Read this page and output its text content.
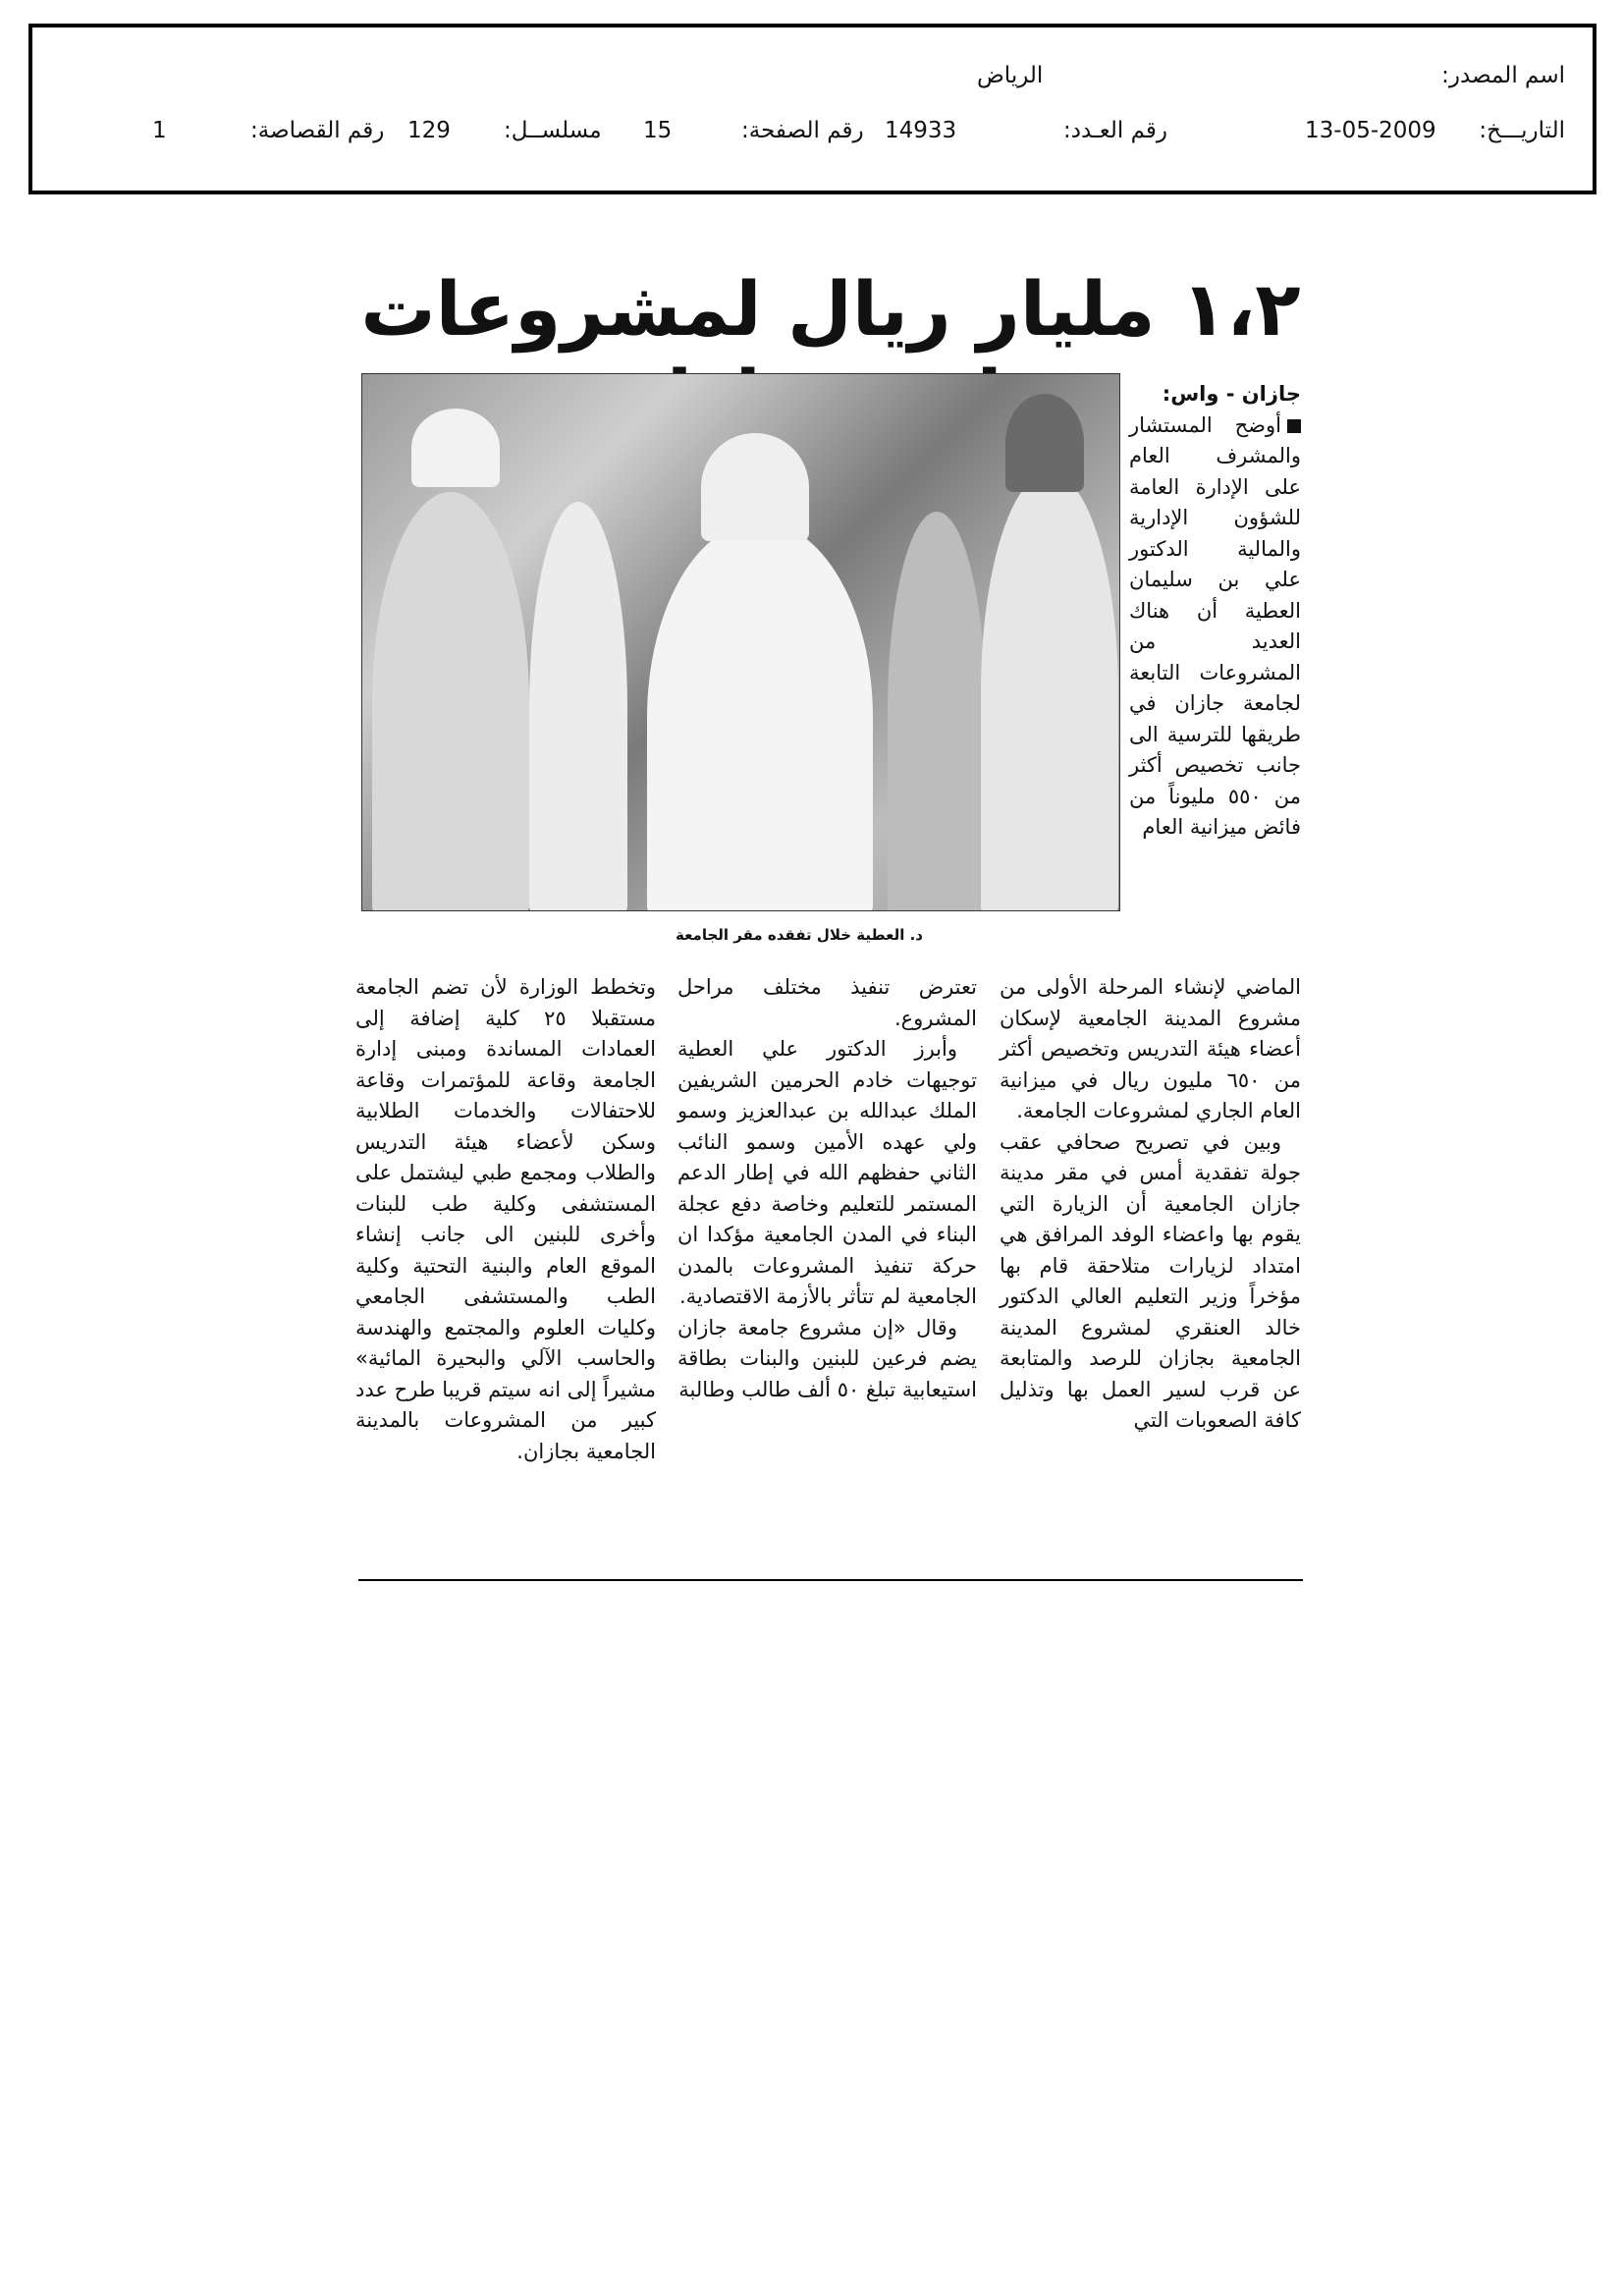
اسم المصدر:
الرياض
التاريـــخ:
13-05-2009
رقم العـدد:
14933
رقم الصفحة:
15
مسلســل:
129
رقم القصاصة:
1
١،٢ مليار ريال لمشروعات
د. العطية خلال تفقده مقر الجامعة

جازان - واس:

أوضح المستشار والمشرف العام على الإدارة العامة للشؤون الإدارية والمالية الدكتور علي بن سليمان العطية أن هناك العديد من المشروعات التابعة لجامعة جازان في طريقها للترسية الى جانب تخصيص أكثر من ٥٥٠ مليوناً من فائض ميزانية العام

الماضي لإنشاء المرحلة الأولى من مشروع المدينة الجامعية لإسكان أعضاء هيئة التدريس وتخصيص أكثر من ٦٥٠ مليون ريال في ميزانية العام الجاري لمشروعات الجامعة.

وبين في تصريح صحافي عقب جولة تفقدية أمس في مقر مدينة جازان الجامعية أن الزيارة التي يقوم بها واعضاء الوفد المرافق هي امتداد لزيارات متلاحقة قام بها مؤخراً وزير التعليم العالي الدكتور خالد العنقري لمشروع المدينة الجامعية بجازان للرصد والمتابعة عن قرب لسير العمل بها وتذليل كافة الصعوبات التي

تعترض تنفيذ مختلف مراحل المشروع.

وأبرز الدكتور علي العطية توجيهات خادم الحرمين الشريفين الملك عبدالله بن عبدالعزيز وسمو ولي عهده الأمين وسمو النائب الثاني حفظهم الله في إطار الدعم المستمر للتعليم وخاصة دفع عجلة البناء في المدن الجامعية مؤكدا ان حركة تنفيذ المشروعات بالمدن الجامعية لم تتأثر بالأزمة الاقتصادية.

وقال «إن مشروع جامعة جازان يضم فرعين للبنين والبنات بطاقة استيعابية تبلغ ٥٠ ألف طالب وطالبة

وتخطط الوزارة لأن تضم الجامعة مستقبلا ٢٥ كلية إضافة إلى العمادات المساندة ومبنى إدارة الجامعة وقاعة للمؤتمرات وقاعة للاحتفالات والخدمات الطلابية وسكن لأعضاء هيئة التدريس والطلاب ومجمع طبي ليشتمل على المستشفى وكلية طب للبنات وأخرى للبنين الى جانب إنشاء الموقع العام والبنية التحتية وكلية الطب والمستشفى الجامعي وكليات العلوم والمجتمع والهندسة والحاسب الآلي والبحيرة المائية» مشيراً إلى انه سيتم قريبا طرح عدد كبير من المشروعات بالمدينة الجامعية بجازان.
